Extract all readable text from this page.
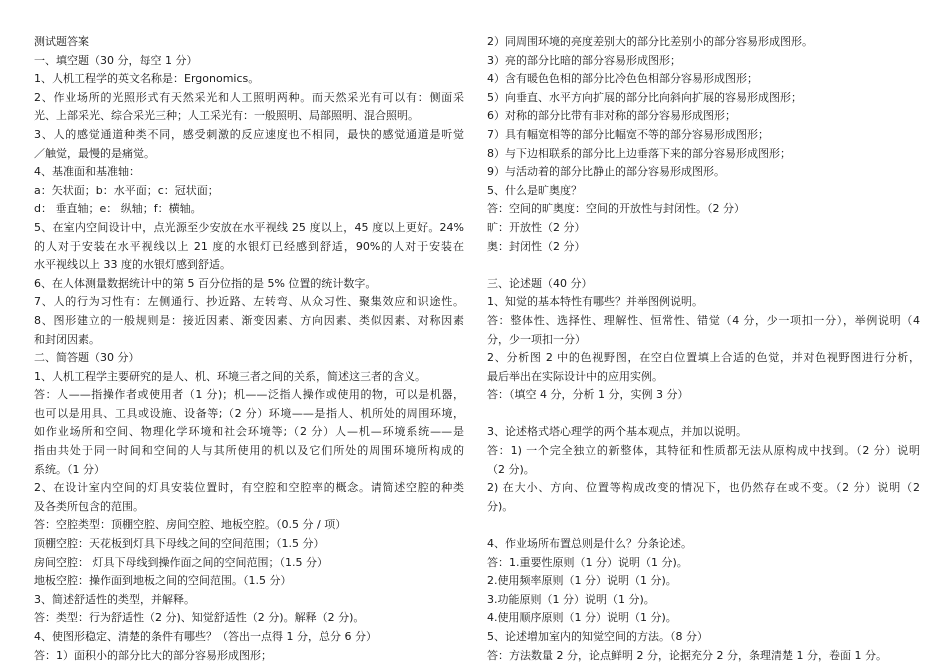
测试题答案
一、填空题（30 分，每空 1 分）
1、人机工程学的英文名称是：Ergonomics。
2、作业场所的光照形式有天然采光和人工照明两种。而天然采光有可以有：侧面采
光、上部采光、综合采光三种；人工采光有：一般照明、局部照明、混合照明。
3、人的感觉通道种类不同，感受刺激的反应速度也不相同，最快的感觉通道是听觉
／触觉，最慢的是痛觉。
4、基准面和基准轴：
a：矢状面；b：水平面；c：冠状面；
d： 垂直轴；e： 纵轴；f：横轴。
5、在室内空间设计中，点光源至少安放在水平视线 25 度以上，45 度以上更好。24%
的人对于安装在水平视线以上 21 度的水银灯已经感到舒适，90%的人对于安装在
水平视线以上 33 度的水银灯感到舒适。
6、在人体测量数据统计中的第 5 百分位指的是 5% 位置的统计数字。
7、人的行为习性有：左侧通行、抄近路、左转弯、从众习性、聚集效应和识途性。
8、图形建立的一般规则是：接近因素、渐变因素、方向因素、类似因素、对称因素
和封闭因素。
二、简答题（30 分）
1、人机工程学主要研究的是人、机、环境三者之间的关系，简述这三者的含义。
答：人——指操作者或使用者（1 分)；机——泛指人操作或使用的物，可以是机器，
也可以是用具、工具或设施、设备等;（2 分）环境——是指人、机所处的周围环境，
如作业场所和空间、物理化学环境和社会环境等;（2 分）人—机—环境系统——是
指由共处于同一时间和空间的人与其所使用的机以及它们所处的周围环境所构成的
系统。（1 分）
2、在设计室内空间的灯具安装位置时，有空腔和空腔率的概念。请简述空腔的种类
及各类所包含的范围。
答：空腔类型：顶棚空腔、房间空腔、地板空腔。（0.5 分 / 项）
顶棚空腔：天花板到灯具下母线之间的空间范围；（1.5 分）
房间空腔： 灯具下母线到操作面之间的空间范围；（1.5 分）
地板空腔：操作面到地板之间的空间范围。（1.5 分）
3、简述舒适性的类型，并解释。
答：类型：行为舒适性（2 分)、知觉舒适性（2 分)。解释（2 分)。
4、使图形稳定、清楚的条件有哪些？（答出一点得 1 分，总分 6 分）
答：1）面积小的部分比大的部分容易形成图形；
2）同周围环境的亮度差别大的部分比差别小的部分容易形成图形。
3）亮的部分比暗的部分容易形成图形；
4）含有暖色色相的部分比冷色色相部分容易形成图形；
5）向垂直、水平方向扩展的部分比向斜向扩展的容易形成图形；
6）对称的部分比带有非对称的部分容易形成图形；
7）具有幅宽相等的部分比幅宽不等的部分容易形成图形；
8）与下边相联系的部分比上边垂落下来的部分容易形成图形；
9）与活动着的部分比静止的部分容易形成图形。
5、什么是旷奥度？
答：空间的旷奥度：空间的开放性与封闭性。（2 分）
旷：开放性（2 分）
奥：封闭性（2 分）
三、论述题（40 分）
1、知觉的基本特性有哪些？并举图例说明。
答：整体性、选择性、理解性、恒常性、错觉（4 分，少一项扣一分），举例说明（4
分，少一项扣一分）
2、分析图 2 中的色视野图，在空白位置填上合适的色觉，并对色视野图进行分析，
最后举出在实际设计中的应用实例。
答：（填空 4 分，分析 1 分，实例 3 分）
3、论述格式塔心理学的两个基本观点，并加以说明。
答：1) 一个完全独立的新整体，其特征和性质都无法从原构成中找到。（2 分）说明
（2 分)。
2) 在大小、方向、位置等构成改变的情况下，也仍然存在或不变。（2 分）说明（2
分)。
4、作业场所布置总则是什么？分条论述。
答：1.重要性原则（1 分）说明（1 分)。
2.使用频率原则（1 分）说明（1 分)。
3.功能原则（1 分）说明（1 分)。
4.使用顺序原则（1 分）说明（1 分)。
5、论述增加室内的知觉空间的方法。（8 分）
答：方法数量 2 分，论点鲜明 2 分，论据充分 2 分，条理清楚 1 分，卷面 1 分。
